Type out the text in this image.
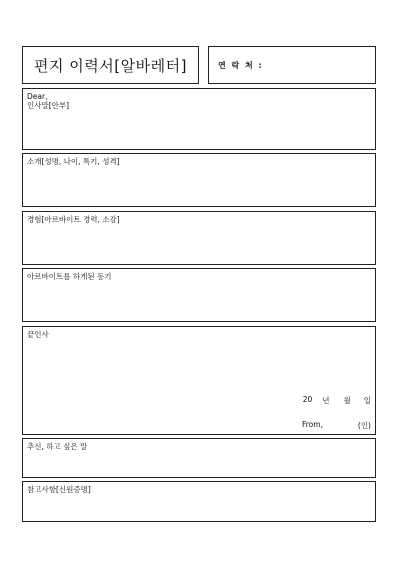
편지 이력서[알바레터]	연 락 처 :
Dear,
인사말[안부]
소개[성명, 나이, 특기, 성격]
경험[아르바이트 경력, 소감]
아르바이트를 하게된 동기
끝인사
20 년 월 일
From,	(인)
추신, 하고 싶은 말
참고사항[신원증명]
